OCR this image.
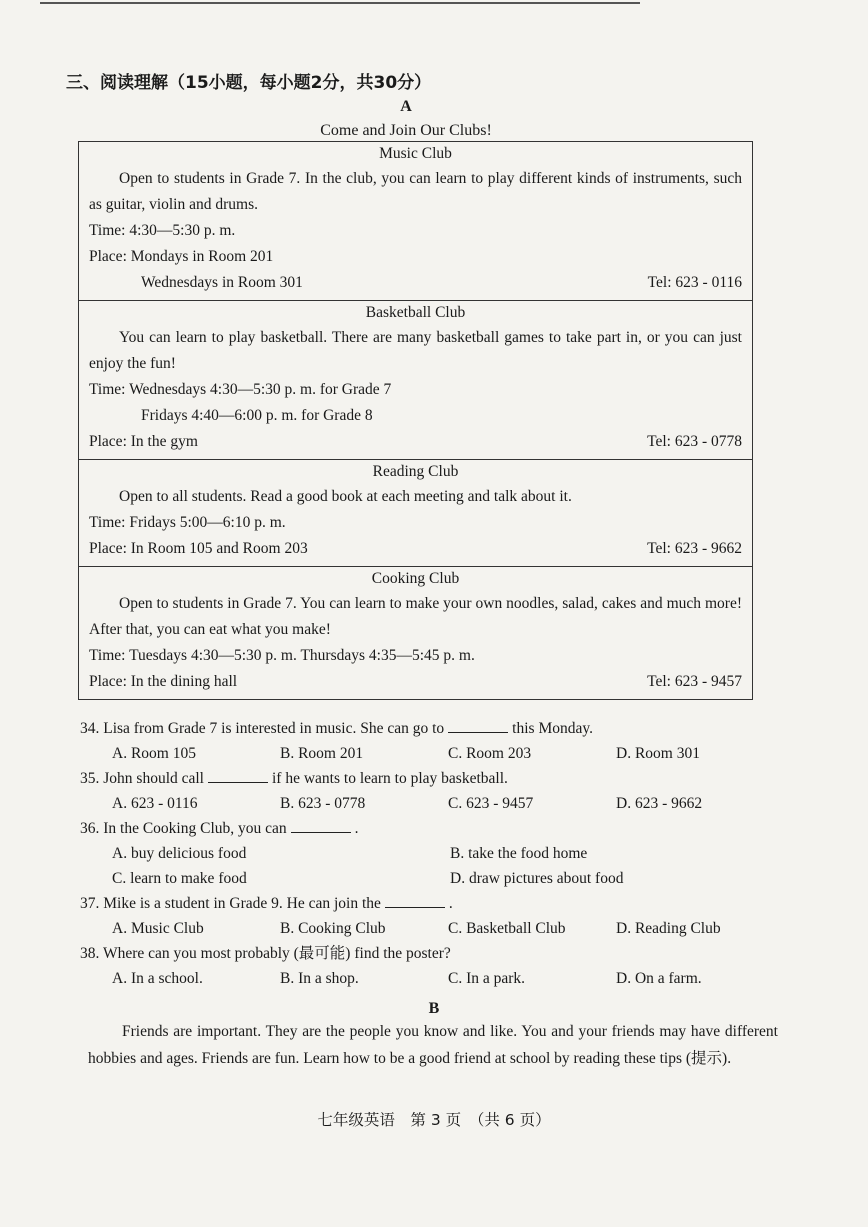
三、阅读理解（15小题，每小题2分，共30分）
A
Come and Join Our Clubs!
Music Club
Open to students in Grade 7. In the club, you can learn to play different kinds of instruments, such as guitar, violin and drums.
Time: 4:30—5:30 p. m.
Place: Mondays in Room 201
Wednesdays in Room 301	Tel: 623 - 0116
Basketball Club
You can learn to play basketball. There are many basketball games to take part in, or you can just enjoy the fun!
Time: Wednesdays 4:30—5:30 p. m. for Grade 7
Fridays 4:40—6:00 p. m. for Grade 8
Place: In the gym	Tel: 623 - 0778
Reading Club
Open to all students. Read a good book at each meeting and talk about it.
Time: Fridays 5:00—6:10 p. m.
Place: In Room 105 and Room 203	Tel: 623 - 9662
Cooking Club
Open to students in Grade 7. You can learn to make your own noodles, salad, cakes and much more! After that, you can eat what you make!
Time: Tuesdays 4:30—5:30 p. m. Thursdays 4:35—5:45 p. m.
Place: In the dining hall	Tel: 623 - 9457
34. Lisa from Grade 7 is interested in music. She can go to	this Monday.
A. Room 105	B. Room 201	C. Room 203	D. Room 301
35. John should call	if he wants to learn to play basketball.
A. 623 - 0116	B. 623 - 0778	C. 623 - 9457	D. 623 - 9662
36. In the Cooking Club, you can	.
A. buy delicious food	B. take the food home
C. learn to make food	D. draw pictures about food
37. Mike is a student in Grade 9. He can join the	.
A. Music Club	B. Cooking Club	C. Basketball Club	D. Reading Club
38. Where can you most probably (最可能) find the poster?
A. In a school.	B. In a shop.	C. In a park.	D. On a farm.
B
Friends are important. They are the people you know and like. You and your friends may have different hobbies and ages. Friends are fun. Learn how to be a good friend at school by reading these tips (提示).
七年级英语　第 3 页　（共 6 页）
